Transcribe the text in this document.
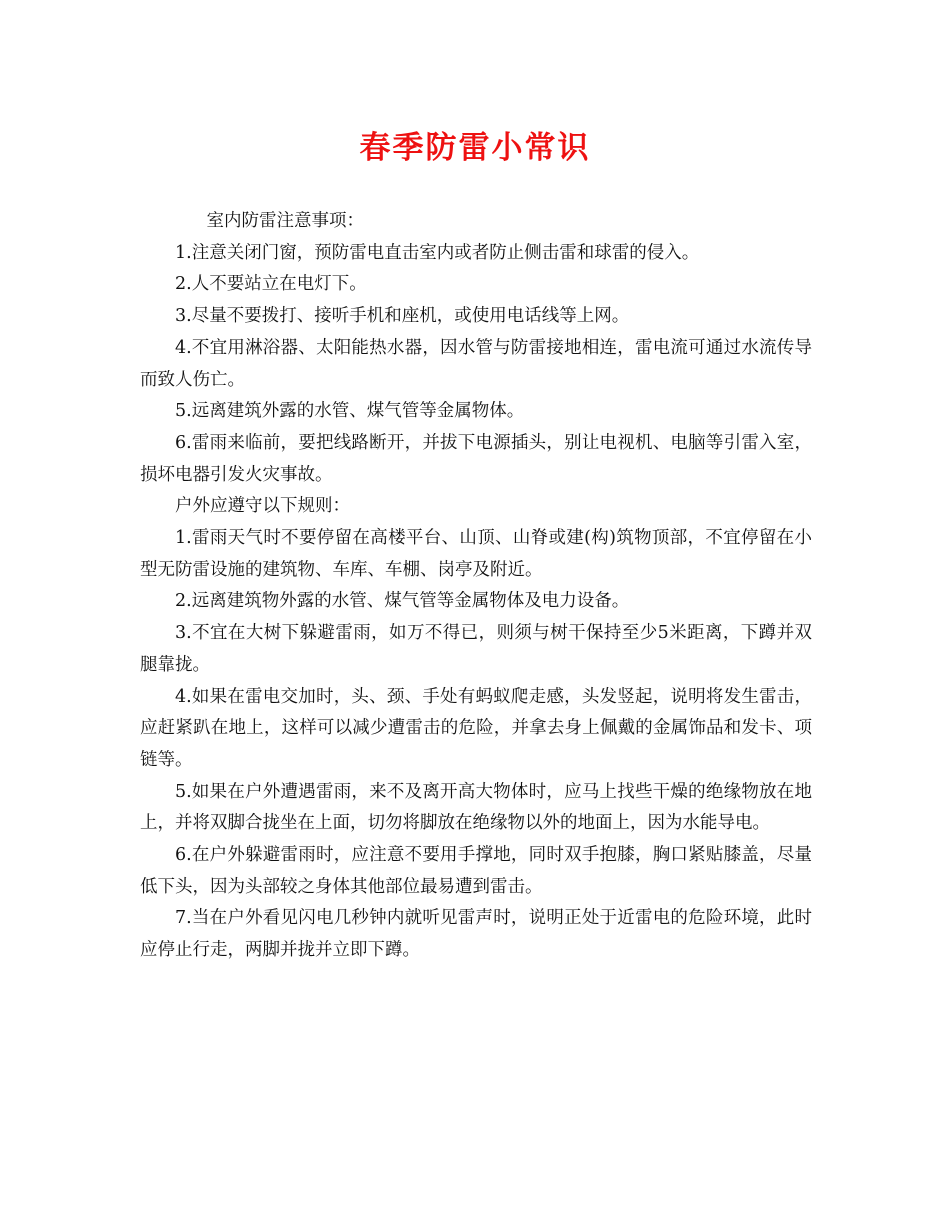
春季防雷小常识

室内防雷注意事项：

1.注意关闭门窗，预防雷电直击室内或者防止侧击雷和球雷的侵入。

2.人不要站立在电灯下。

3.尽量不要拨打、接听手机和座机，或使用电话线等上网。

4.不宜用淋浴器、太阳能热水器，因水管与防雷接地相连，雷电流可通过水流传导而致人伤亡。

5.远离建筑外露的水管、煤气管等金属物体。

6.雷雨来临前，要把线路断开，并拔下电源插头，别让电视机、电脑等引雷入室，损坏电器引发火灾事故。

户外应遵守以下规则：

1.雷雨天气时不要停留在高楼平台、山顶、山脊或建(构)筑物顶部，不宜停留在小型无防雷设施的建筑物、车库、车棚、岗亭及附近。

2.远离建筑物外露的水管、煤气管等金属物体及电力设备。

3.不宜在大树下躲避雷雨，如万不得已，则须与树干保持至少5米距离，下蹲并双腿靠拢。

4.如果在雷电交加时，头、颈、手处有蚂蚁爬走感，头发竖起，说明将发生雷击，应赶紧趴在地上，这样可以减少遭雷击的危险，并拿去身上佩戴的金属饰品和发卡、项链等。

5.如果在户外遭遇雷雨，来不及离开高大物体时，应马上找些干燥的绝缘物放在地上，并将双脚合拢坐在上面，切勿将脚放在绝缘物以外的地面上，因为水能导电。

6.在户外躲避雷雨时，应注意不要用手撑地，同时双手抱膝，胸口紧贴膝盖，尽量低下头，因为头部较之身体其他部位最易遭到雷击。

7.当在户外看见闪电几秒钟内就听见雷声时，说明正处于近雷电的危险环境，此时应停止行走，两脚并拢并立即下蹲。
